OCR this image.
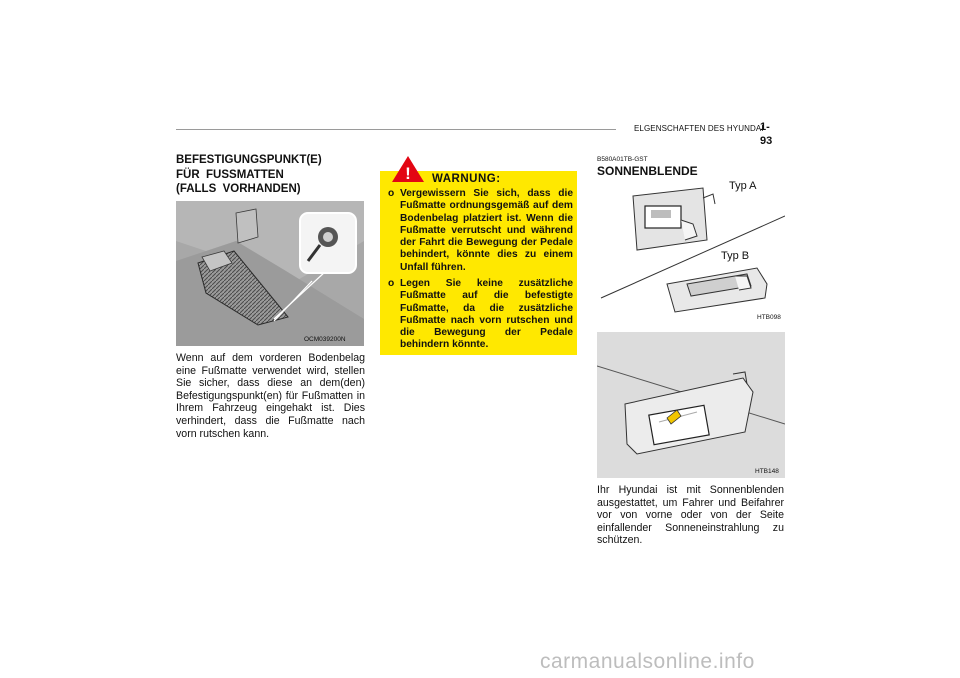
ELGENSCHAFTEN DES HYUNDAI
1- 93
BEFESTIGUNGSPUNKT(E)
FÜR  FUSSMATTEN
(FALLS  VORHANDEN)
OCM039200N
Wenn auf dem vorderen Bodenbelag eine Fußmatte verwendet wird, stellen Sie sicher, dass diese an dem(den) Befestigungspunkt(en) für Fußmatten in Ihrem Fahrzeug eingehakt ist. Dies verhindert, dass die Fußmatte nach vorn rutschen kann.
! WARNUNG:
o Vergewissern Sie sich, dass die Fußmatte ordnungsgemäß auf dem Bodenbelag platziert ist. Wenn die Fußmatte verrutscht und während der Fahrt die Bewegung der Pedale behindert, könnte dies zu einem Unfall führen.
o Legen Sie keine zusätzliche Fußmatte auf die befestigte Fußmatte, da die zusätzliche Fußmatte nach vorn rutschen und die Bewegung der Pedale behindern könnte.
B580A01TB-GST
SONNENBLENDE
Typ A
Typ B
HTB098
HTB148
Ihr Hyundai ist mit Sonnenblenden ausgestattet, um Fahrer und Beifahrer vor von vorne oder von der Seite einfallender Sonneneinstrahlung zu schützen.
carmanualsonline.info
